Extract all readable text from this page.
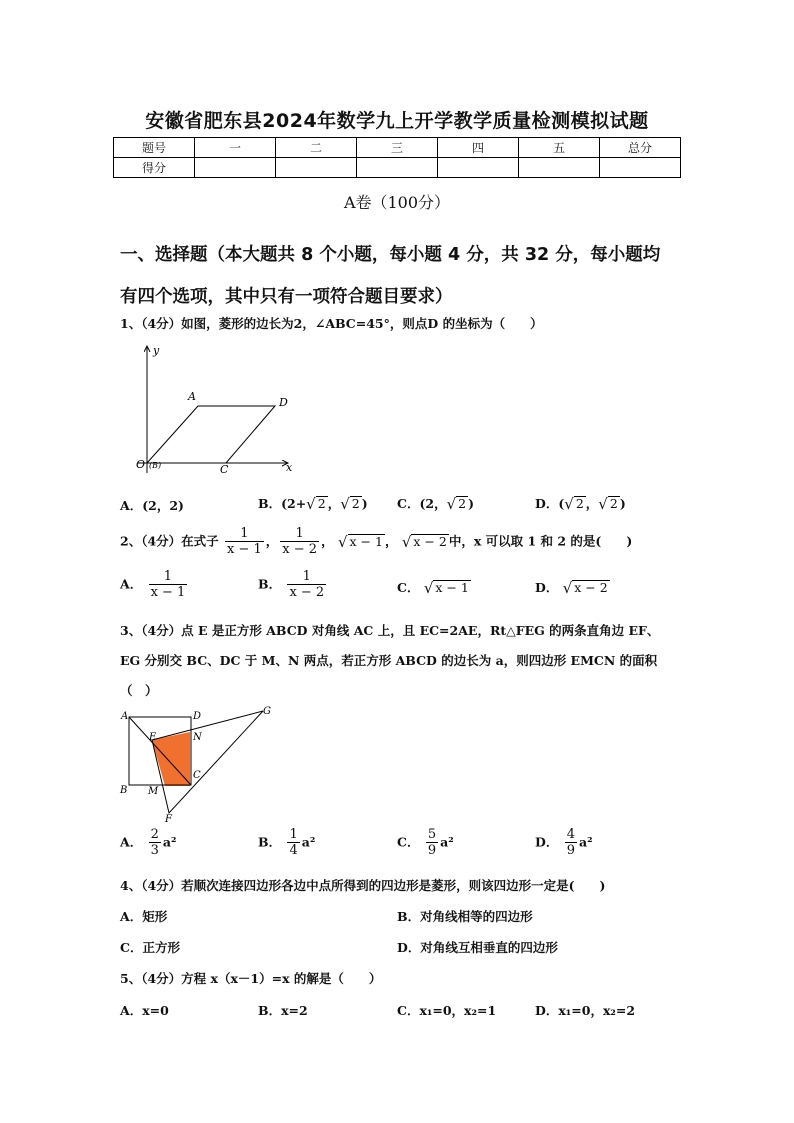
安徽省肥东县2024年数学九上开学教学质量检测模拟试题
题号	一	二	三	四	五	总分
得分						
A卷（100分）
一、选择题（本大题共 8 个小题，每小题 4 分，共 32 分，每小题均
有四个选项，其中只有一项符合题目要求）
1、（4分）如图，菱形的边长为2，∠ABC=45°，则点D 的坐标为（　　）
y
x
A	D
O (B)	C
A．(2，2)	B．(2+√ 2 ，√ 2 ) C．(2，√ 2 )	D．(√ 2 ，√ 2 )
2、（4分）在式子 $\frac{1}{x - 1}$ ， $\frac{1}{x - 2}$ ， √ x − 1 ， √ x − 2 中，x 可以取 1 和 2 的是(　　)
A． $\frac{1}{x - 1}$	B． $\frac{1}{x - 2}$	C． √ x − 1	D． √ x − 2
3、（4分）点 E 是正方形 ABCD 对角线 AC 上，且 EC=2AE，Rt△FEG 的两条直角边 EF、
EG 分别交 BC、DC 于 M、N 两点，若正方形 ABCD 的边长为 a，则四边形 EMCN 的面积
（　）
A	D	G
E	N
C
B M
F
A． $\frac{2}{3} a^2$	B． $\frac{1}{4} a^2$	C． $\frac{5}{9} a^2$	D． $\frac{4}{9} a^2$
4、（4分）若顺次连接四边形各边中点所得到的四边形是菱形，则该四边形一定是(　　)
A．矩形	B．对角线相等的四边形
C．正方形	D．对角线互相垂直的四边形
5、（4分）方程 x（x－1）=x 的解是（　　）
A．x=0	B．x=2	C．x₁=0，x₂=1	D．x₁=0，x₂=2
